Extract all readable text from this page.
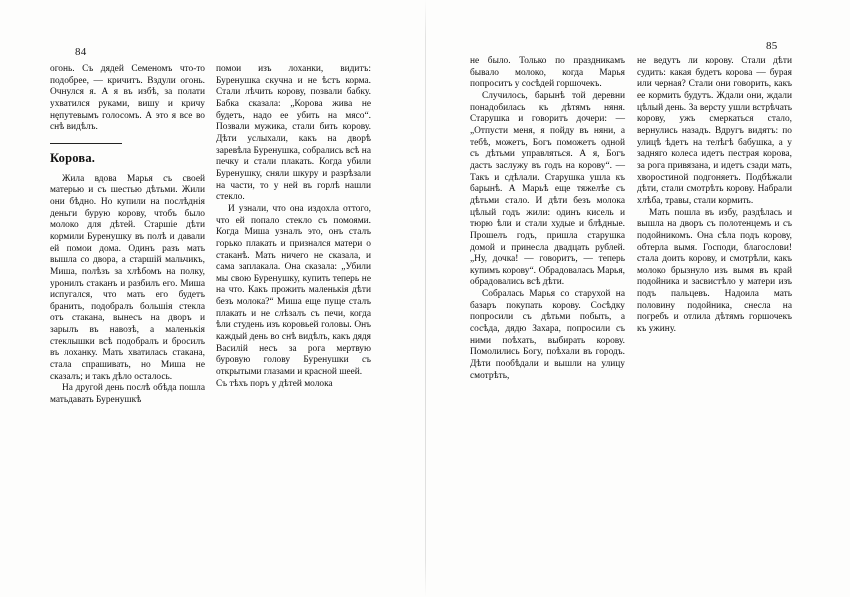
84	85

огонь. Съ дядей Семеномъ что-то подобрее, — кричитъ. Вздули огонь. Очнулся я. А я въ избѣ, за полати ухватился руками, вишу и кричу нęпутевымъ голосомъ. А это я все во снѣ видѣлъ.

Корова.

Жила вдова Марья съ своей матерью и съ шестью дѣтьми. Жили они бѣдно. Но купили на послѣднія деньги бурую корову, чтобъ было молоко для дѣтей. Старшіе дѣти кормили Буренушку въ полѣ и давали ей помои дома. Одинъ разъ мать вышла со двора, а старшій мальчикъ, Миша, полѣзъ за хлѣбомъ на полку, уронилъ стаканъ и разбилъ его. Миша испугался, что мать его будетъ бранить, подобралъ большія стекла отъ стакана, вынесъ на дворъ и зарылъ въ навозѣ, а маленькія стеклышки всѣ подобралъ и бросилъ въ лоханку. Мать хватилась стакана, стала спрашивать, но Миша не сказалъ; и такъ дѣло осталось.

На другой день послѣ обѣда пошла матьдавать Буренушкѣ

помои изъ лоханки, видитъ: Буренушка скучна и не ѣстъ корма. Стали лѣчить корову, позвали бабку. Бабка сказала: „Корова жива не будетъ, надо ее убить на мясо“. Позвали мужика, стали бить корову. Дѣти услыхали, какъ на дворѣ заревѣла Буренушка, собрались всѣ на печку и стали плакать. Когда убили Буренушку, сняли шкуру и разрѣзали на части, то у ней въ горлѣ нашли стекло.

И узнали, что она издохла оттого, что ей попало стекло съ помоями. Когда Миша узналъ это, онъ сталъ горько плакать и признался матери о стаканѣ. Мать ничего не сказала, и сама заплакала. Она сказала: „Убили мы свою Буренушку, купить теперь не на что. Какъ прожить маленькія дѣти безъ молока?“ Миша еще пуще сталъ плакать и не слѣзалъ съ печи, когда ѣли студень изъ коровьей головы. Онъ каждый день во снѣ видѣлъ, какъ дядя Василій несъ за рога мертвую буровую голову Буренушки съ открытыми глазами и красной шеей.

Съ тѣхъ поръ у дѣтей молока

не было. Только по праздникамъ бывало молоко, когда Марья попроситъ у сосѣдей горшочекъ.

Случилось, барынѣ той деревни понадобилась къ дѣтямъ няня. Старушка и говоритъ дочери: — „Отпусти меня, я пойду въ няни, а тебѣ, можетъ, Богъ поможетъ одной съ дѣтьми управляться. А я, Богъ дастъ заслужу въ годъ на корову“. — Такъ и сдѣлали. Старушка ушла къ барынѣ. А Марьѣ еще тяжелѣе съ дѣтьми стало. И дѣти безъ молока цѣлый годъ жили: одинъ кисель и тюрю ѣли и стали худые и блѣдные. Прошелъ годъ, пришла старушка домой и принесла двадцать рублей. „Ну, дочка! — говоритъ, — теперь купимъ корову“. Обрадовалась Марья, обрадовались всѣ дѣти.

Собралась Марья со старухой на базаръ покупать корову. Сосѣдку попросили съ дѣтьми побыть, а сосѣда, дядю Захара, попросили съ ними поѣхать, выбирать корову. Помолились Богу, поѣхали въ городъ. Дѣти пообѣдали и вышли на улицу смотрѣть,

не ведутъ ли корову. Стали дѣти судить: какая будетъ корова — бурая или черная? Стали они говорить, какъ ее кормить будутъ. Ждали они, ждали цѣлый день. За версту ушли встрѣчать корову, ужъ смеркаться стало, вернулись назадъ. Вдругъ видятъ: по улицѣ ѣдетъ на телѣгѣ бабушка, а у задняго колеса идетъ пестрая корова, за рога привязана, и идетъ сзади мать, хворостиной подгоняетъ. Подбѣжали дѣти, стали смотрѣть корову. Набрали хлѣба, травы, стали кормить.

Мать пошла въ избу, раздѣлась и вышла на дворъ съ полотенцемъ и съ подойникомъ. Она сѣла подъ корову, обтерла вымя. Господи, благослови! стала доить корову, и смотрѣли, какъ молоко брызнуло изъ вымя въ край подойника и засвистѣло у матери изъ подъ пальцевъ. Надоила мать половину подойника, снесла на погребъ и отлила дѣтямъ горшочекъ къ ужину.
